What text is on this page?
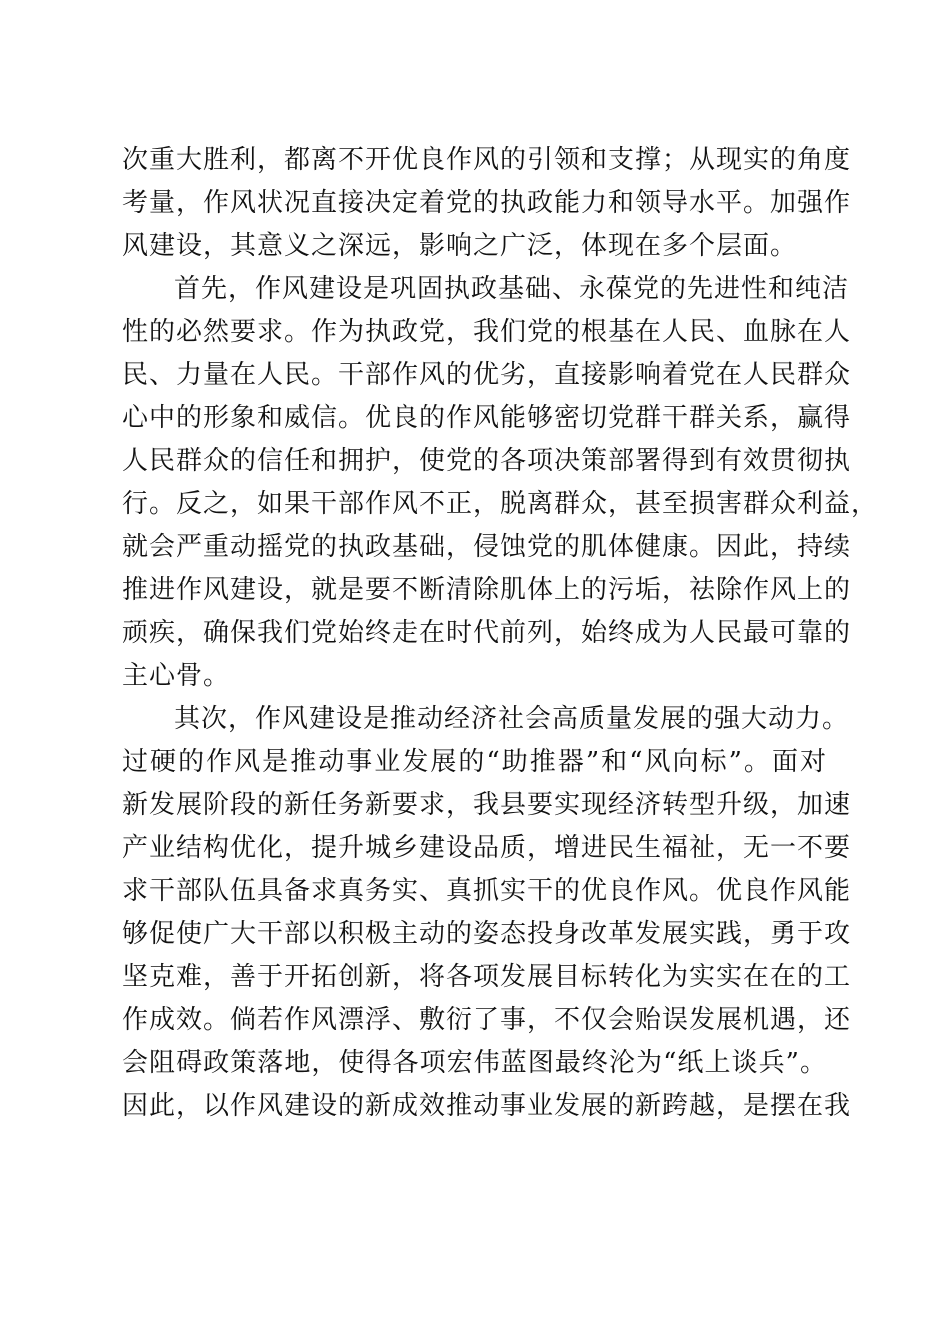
次重大胜利，都离不开优良作风的引领和支撑；从现实的角度
考量，作风状况直接决定着党的执政能力和领导水平。加强作
风建设，其意义之深远，影响之广泛，体现在多个层面。
首先，作风建设是巩固执政基础、永葆党的先进性和纯洁
性的必然要求。作为执政党，我们党的根基在人民、血脉在人
民、力量在人民。干部作风的优劣，直接影响着党在人民群众
心中的形象和威信。优良的作风能够密切党群干群关系，赢得
人民群众的信任和拥护，使党的各项决策部署得到有效贯彻执
行。反之，如果干部作风不正，脱离群众，甚至损害群众利益，
就会严重动摇党的执政基础，侵蚀党的肌体健康。因此，持续
推进作风建设，就是要不断清除肌体上的污垢，祛除作风上的
顽疾，确保我们党始终走在时代前列，始终成为人民最可靠的
主心骨。
其次，作风建设是推动经济社会高质量发展的强大动力。
过硬的作风是推动事业发展的“助推器”和“风向标”。面对
新发展阶段的新任务新要求，我县要实现经济转型升级，加速
产业结构优化，提升城乡建设品质，增进民生福祉，无一不要
求干部队伍具备求真务实、真抓实干的优良作风。优良作风能
够促使广大干部以积极主动的姿态投身改革发展实践，勇于攻
坚克难，善于开拓创新，将各项发展目标转化为实实在在的工
作成效。倘若作风漂浮、敷衍了事，不仅会贻误发展机遇，还
会阻碍政策落地，使得各项宏伟蓝图最终沦为“纸上谈兵”。
因此，以作风建设的新成效推动事业发展的新跨越，是摆在我
